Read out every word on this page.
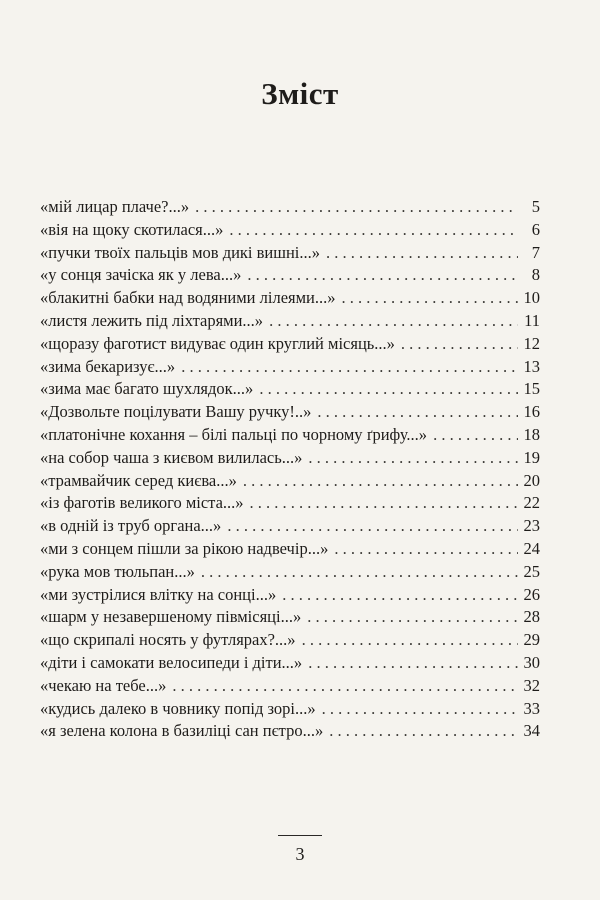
Зміст
«мій лицар плаче?...» . . .	5
«вія на щоку скотилася...» . . .	6
«пучки твоїх пальців мов дикі вишні...» . . .	7
«у сонця зачіска як у лева...» . . .	8
«блакитні бабки над водяними лілеями...» . . .	10
«листя лежить під ліхтарями...» . . .	11
«щоразу фаготист видуває один круглий місяць...» . . .	12
«зима бекаризує...» . . .	13
«зима має багато шухлядок...» . . .	15
«Дозвольте поцілувати Вашу ручку!..» . . .	16
«платонічне кохання – білі пальці по чорному ґрифу...» . . .	18
«на собор чаша з києвом вилилась...» . . .	19
«трамвайчик серед києва...» . . .	20
«із фаготів великого міста...» . . .	22
«в одній із труб органа...» . . .	23
«ми з сонцем пішли за рікою надвечір...» . . .	24
«рука мов тюльпан...» . . .	25
«ми зустрілися влітку на сонці...» . . .	26
«шарм у незавершеному півмісяці...» . . .	28
«що скрипалі носять у футлярах?...» . . .	29
«діти і самокати велосипеди і діти...» . . .	30
«чекаю на тебе...» . . .	32
«кудись далеко в човнику попід зорі...» . . .	33
«я зелена колона в базиліці сан пєтро...» . . .	34
3
